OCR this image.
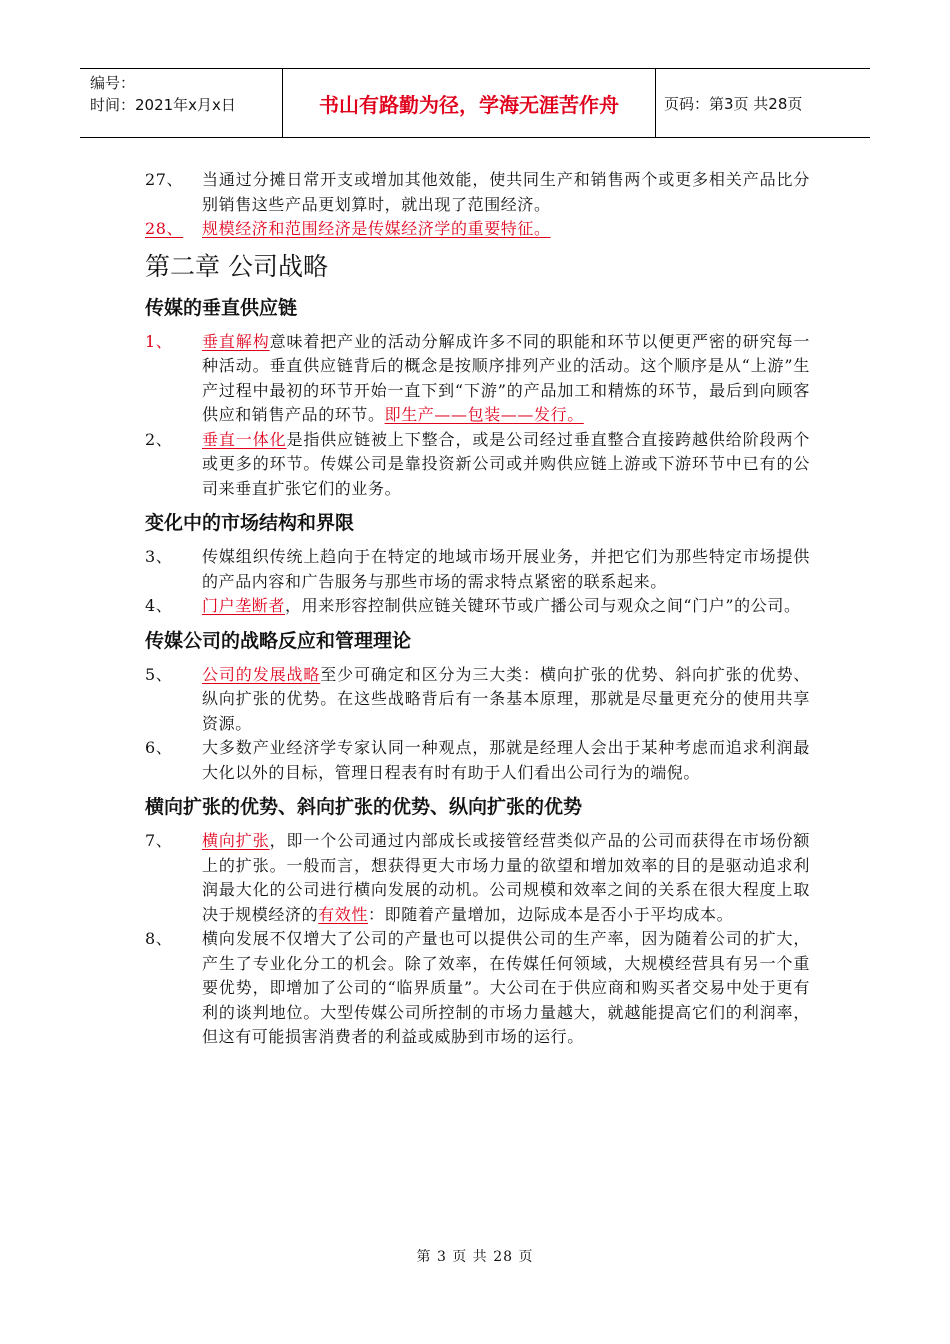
编号：
时间：2021年x月x日	书山有路勤为径，学海无涯苦作舟	页码：第3页 共28页
27、	当通过分摊日常开支或增加其他效能，使共同生产和销售两个或更多相关产品比分别销售这些产品更划算时，就出现了范围经济。
28、	规模经济和范围经济是传媒经济学的重要特征。
第二章 公司战略
传媒的垂直供应链
1、	垂直解构意味着把产业的活动分解成许多不同的职能和环节以便更严密的研究每一种活动。垂直供应链背后的概念是按顺序排列产业的活动。这个顺序是从“上游”生产过程中最初的环节开始一直下到“下游”的产品加工和精炼的环节，最后到向顾客供应和销售产品的环节。即生产——包装——发行。
2、	垂直一体化是指供应链被上下整合，或是公司经过垂直整合直接跨越供给阶段两个或更多的环节。传媒公司是靠投资新公司或并购供应链上游或下游环节中已有的公司来垂直扩张它们的业务。
变化中的市场结构和界限
3、	传媒组织传统上趋向于在特定的地域市场开展业务，并把它们为那些特定市场提供的产品内容和广告服务与那些市场的需求特点紧密的联系起来。
4、	门户垄断者，用来形容控制供应链关键环节或广播公司与观众之间“门户”的公司。
传媒公司的战略反应和管理理论
5、	公司的发展战略至少可确定和区分为三大类：横向扩张的优势、斜向扩张的优势、纵向扩张的优势。在这些战略背后有一条基本原理，那就是尽量更充分的使用共享资源。
6、	大多数产业经济学专家认同一种观点，那就是经理人会出于某种考虑而追求利润最大化以外的目标，管理日程表有时有助于人们看出公司行为的端倪。
横向扩张的优势、斜向扩张的优势、纵向扩张的优势
7、	横向扩张，即一个公司通过内部成长或接管经营类似产品的公司而获得在市场份额上的扩张。一般而言，想获得更大市场力量的欲望和增加效率的目的是驱动追求利润最大化的公司进行横向发展的动机。公司规模和效率之间的关系在很大程度上取决于规模经济的有效性：即随着产量增加，边际成本是否小于平均成本。
8、	横向发展不仅增大了公司的产量也可以提供公司的生产率，因为随着公司的扩大，产生了专业化分工的机会。除了效率，在传媒任何领域，大规模经营具有另一个重要优势，即增加了公司的“临界质量”。大公司在于供应商和购买者交易中处于更有利的谈判地位。大型传媒公司所控制的市场力量越大，就越能提高它们的利润率，但这有可能损害消费者的利益或威胁到市场的运行。
第 3 页 共 28 页
